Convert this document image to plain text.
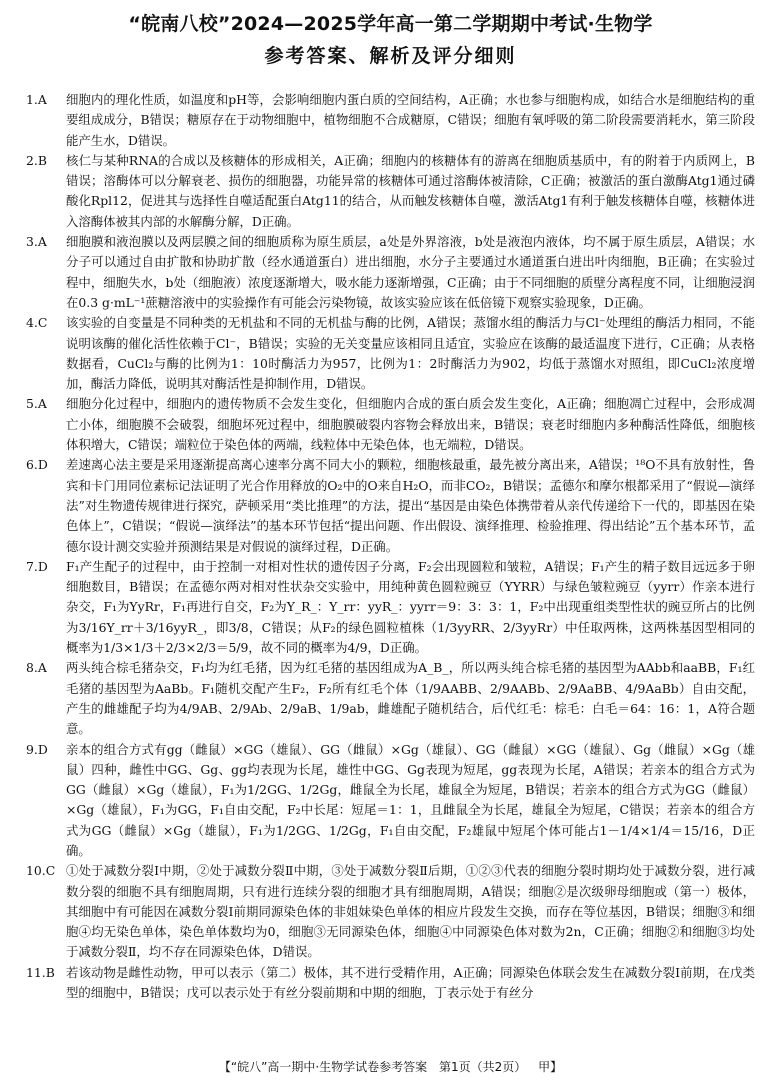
“皖南八校”2024—2025学年高一第二学期期中考试·生物学
参考答案、解析及评分细则
1.A	细胞内的理化性质，如温度和pH等，会影响细胞内蛋白质的空间结构，A正确；水也参与细胞构成，如结合水是细胞结构的重要组成成分，B错误；糖原存在于动物细胞中，植物细胞不合成糖原，C错误；细胞有氧呼吸的第二阶段需要消耗水，第三阶段能产生水，D错误。
2.B	核仁与某种RNA的合成以及核糖体的形成相关，A正确；细胞内的核糖体有的游离在细胞质基质中，有的附着于内质网上，B错误；溶酶体可以分解衰老、损伤的细胞器，功能异常的核糖体可通过溶酶体被清除，C正确；被激活的蛋白激酶Atg1通过磷酸化Rpl12，促进其与选择性自噬适配蛋白Atg11的结合，从而触发核糖体自噬，激活Atg1有利于触发核糖体自噬，核糖体进入溶酶体被其内部的水解酶分解，D正确。
3.A	细胞膜和液泡膜以及两层膜之间的细胞质称为原生质层，a处是外界溶液，b处是液泡内液体，均不属于原生质层，A错误；水分子可以通过自由扩散和协助扩散（经水通道蛋白）进出细胞，水分子主要通过水通道蛋白进出叶肉细胞，B正确；在实验过程中，细胞失水，b处（细胞液）浓度逐渐增大，吸水能力逐渐增强，C正确；由于不同细胞的质壁分离程度不同，让细胞浸润在0.3 g·mL⁻¹蔗糖溶液中的实验操作有可能会污染物镜，故该实验应该在低倍镜下观察实验现象，D正确。
4.C	该实验的自变量是不同种类的无机盐和不同的无机盐与酶的比例，A错误；蒸馏水组的酶活力与Cl⁻处理组的酶活力相同，不能说明该酶的催化活性依赖于Cl⁻，B错误；实验的无关变量应该相同且适宜，实验应在该酶的最适温度下进行，C正确；从表格数据看，CuCl₂与酶的比例为1：10时酶活力为957，比例为1：2时酶活力为902，均低于蒸馏水对照组，即CuCl₂浓度增加，酶活力降低，说明其对酶活性是抑制作用，D错误。
5.A	细胞分化过程中，细胞内的遗传物质不会发生变化，但细胞内合成的蛋白质会发生变化，A正确；细胞凋亡过程中，会形成凋亡小体，细胞膜不会破裂，细胞坏死过程中，细胞膜破裂内容物会释放出来，B错误；衰老时细胞内多种酶活性降低，细胞核体积增大，C错误；端粒位于染色体的两端，线粒体中无染色体，也无端粒，D错误。
6.D	差速离心法主要是采用逐渐提高离心速率分离不同大小的颗粒，细胞核最重，最先被分离出来，A错误；¹⁸O不具有放射性，鲁宾和卡门用同位素标记法证明了光合作用释放的O₂中的O来自H₂O，而非CO₂，B错误；孟德尔和摩尔根都采用了“假说—演绎法”对生物遗传规律进行探究，萨顿采用“类比推理”的方法，提出“基因是由染色体携带着从亲代传递给下一代的，即基因在染色体上”，C错误；“假说—演绎法”的基本环节包括“提出问题、作出假设、演绎推理、检验推理、得出结论”五个基本环节，孟德尔设计测交实验并预测结果是对假说的演绎过程，D正确。
7.D	F₁产生配子的过程中，由于控制一对相对性状的遗传因子分离，F₂会出现圆粒和皱粒，A错误；F₁产生的精子数目远远多于卵细胞数目，B错误；在孟德尔两对相对性状杂交实验中，用纯种黄色圆粒豌豆（YYRR）与绿色皱粒豌豆（yyrr）作亲本进行杂交，F₁为YyRr，F₁再进行自交，F₂为Y_R_：Y_rr：yyR_：yyrr＝9：3：3：1，F₂中出现重组类型性状的豌豆所占的比例为3/16Y_rr＋3/16yyR_，即3/8，C错误；从F₂的绿色圆粒植株（1/3yyRR、2/3yyRr）中任取两株，这两株基因型相同的概率为1/3×1/3＋2/3×2/3＝5/9，故不同的概率为4/9，D正确。
8.A	两头纯合棕毛猪杂交，F₁均为红毛猪，因为红毛猪的基因组成为A_B_，所以两头纯合棕毛猪的基因型为AAbb和aaBB，F₁红毛猪的基因型为AaBb。F₁随机交配产生F₂，F₂所有红毛个体（1/9AABB、2/9AABb、2/9AaBB、4/9AaBb）自由交配，产生的雌雄配子均为4/9AB、2/9Ab、2/9aB、1/9ab，雌雄配子随机结合，后代红毛：棕毛：白毛＝64：16：1，A符合题意。
9.D	亲本的组合方式有gg（雌鼠）×GG（雄鼠）、GG（雌鼠）×Gg（雄鼠）、GG（雌鼠）×GG（雄鼠）、Gg（雌鼠）×Gg（雄鼠）四种，雌性中GG、Gg、gg均表现为长尾，雄性中GG、Gg表现为短尾，gg表现为长尾，A错误；若亲本的组合方式为GG（雌鼠）×Gg（雄鼠），F₁为1/2GG、1/2Gg，雌鼠全为长尾，雄鼠全为短尾，B错误；若亲本的组合方式为GG（雌鼠）×Gg（雄鼠），F₁为GG，F₁自由交配，F₂中长尾：短尾＝1：1，且雌鼠全为长尾，雄鼠全为短尾，C错误；若亲本的组合方式为GG（雌鼠）×Gg（雄鼠），F₁为1/2GG、1/2Gg，F₁自由交配，F₂雄鼠中短尾个体可能占1－1/4×1/4＝15/16，D正确。
10.C ①处于减数分裂Ⅰ中期，②处于减数分裂Ⅱ中期，③处于减数分裂Ⅱ后期，①②③代表的细胞分裂时期均处于减数分裂，进行减数分裂的细胞不具有细胞周期，只有进行连续分裂的细胞才具有细胞周期，A错误；细胞②是次级卵母细胞或（第一）极体，其细胞中有可能因在减数分裂Ⅰ前期同源染色体的非姐妹染色单体的相应片段发生交换，而存在等位基因，B错误；细胞③和细胞④均无染色单体，染色单体数均为0，细胞③无同源染色体，细胞④中同源染色体对数为2n，C正确；细胞②和细胞③均处于减数分裂Ⅱ，均不存在同源染色体，D错误。
11.B 若该动物是雌性动物，甲可以表示（第二）极体，其不进行受精作用，A正确；同源染色体联会发生在减数分裂Ⅰ前期，在戊类型的细胞中，B错误；戊可以表示处于有丝分裂前期和中期的细胞，丁表示处于有丝分
【“皖八”高一期中·生物学试卷参考答案 第1页（共2页） 甲】
